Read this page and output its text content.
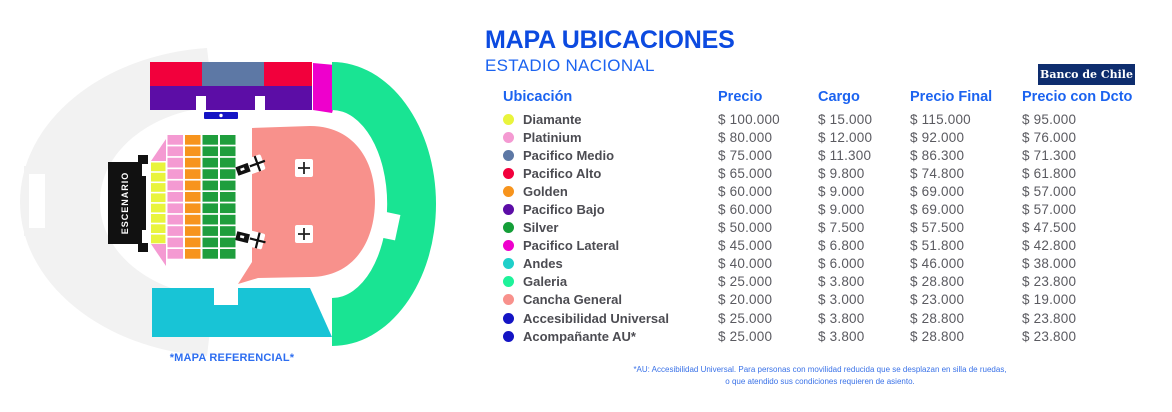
ESCENARIO
*MAPA REFERENCIAL*
MAPA UBICACIONES
ESTADIO NACIONAL	Banco de Chile
Ubicación	Precio	Cargo	Precio Final	Precio con Dcto
Diamante	$ 100.000	$ 15.000	$ 115.000	$ 95.000
Platinium	$ 80.000	$ 12.000	$ 92.000	$ 76.000
Pacifico Medio	$ 75.000	$ 11.300	$ 86.300	$ 71.300
Pacifico Alto	$ 65.000	$ 9.800	$ 74.800	$ 61.800
Golden	$ 60.000	$ 9.000	$ 69.000	$ 57.000
Pacifico Bajo	$ 60.000	$ 9.000	$ 69.000	$ 57.000
Silver	$ 50.000	$ 7.500	$ 57.500	$ 47.500
Pacifico Lateral	$ 45.000	$ 6.800	$ 51.800	$ 42.800
Andes	$ 40.000	$ 6.000	$ 46.000	$ 38.000
Galeria	$ 25.000	$ 3.800	$ 28.800	$ 23.800
Cancha General	$ 20.000	$ 3.000	$ 23.000	$ 19.000
Accesibilidad Universal	$ 25.000	$ 3.800	$ 28.800	$ 23.800
Acompañante AU*	$ 25.000	$ 3.800	$ 28.800	$ 23.800
*AU: Accesibilidad Universal. Para personas con movilidad reducida que se desplazan en silla de ruedas,
o que atendido sus condiciones requieren de asiento.
